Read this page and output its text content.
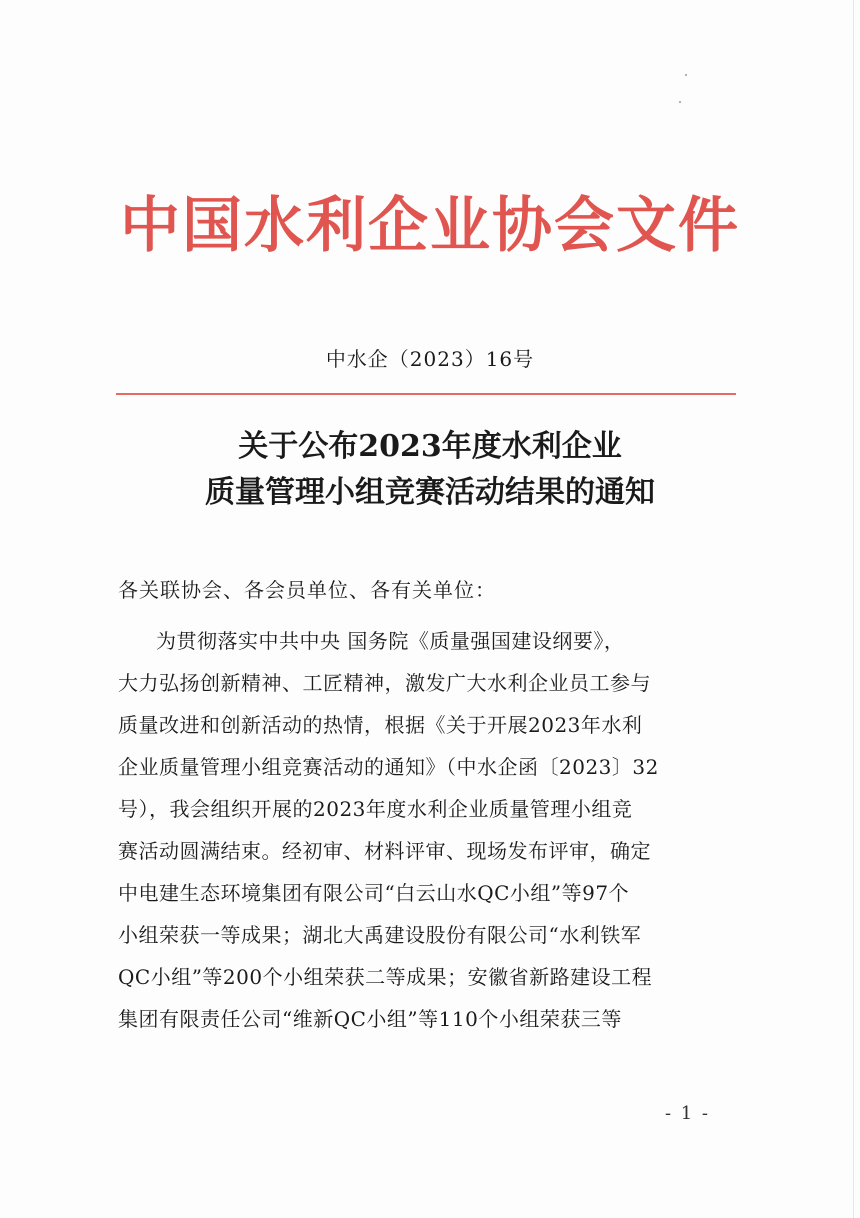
中国水利企业协会文件
中水企（2023）16号
关于公布2023年度水利企业
质量管理小组竞赛活动结果的通知
各关联协会、各会员单位、各有关单位：
为贯彻落实中共中央 国务院《质量强国建设纲要》，
大力弘扬创新精神、工匠精神，激发广大水利企业员工参与
质量改进和创新活动的热情，根据《关于开展2023年水利
企业质量管理小组竞赛活动的通知》（中水企函〔2023〕32
号），我会组织开展的2023年度水利企业质量管理小组竞
赛活动圆满结束。经初审、材料评审、现场发布评审，确定
中电建生态环境集团有限公司“白云山水QC小组”等97个
小组荣获一等成果；湖北大禹建设股份有限公司“水利铁军
QC小组”等200个小组荣获二等成果；安徽省新路建设工程
集团有限责任公司“维新QC小组”等110个小组荣获三等
- 1 -
